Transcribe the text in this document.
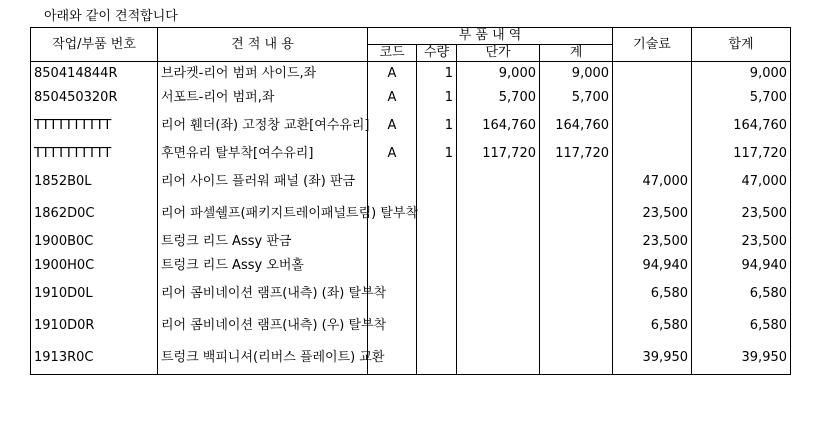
아래와 같이 견적합니다
작업/부품 번호	견 적 내 용	부 품 내 역				기술료	합계
		코드	수량	단가	계		
850414844R	브라켓-리어 범퍼 사이드,좌	A	1	9,000	9,000		9,000
850450320R	서포트-리어 범퍼,좌	A	1	5,700	5,700		5,700
TTTTTTTTTT	리어 휀더(좌) 고정창 교환[여수유리]	A	1	164,760	164,760		164,760
TTTTTTTTTT	후면유리 탈부착[여수유리]	A	1	117,720	117,720		117,720
1852B0L	리어 사이드 플러워 패널 (좌) 판금					47,000	47,000
1862D0C	리어 파셀쉘프(패키지트레이패널트림) 탈부착					23,500	23,500
1900B0C	트렁크 리드 Assy 판금					23,500	23,500
1900H0C	트렁크 리드 Assy 오버홀					94,940	94,940
1910D0L	리어 콤비네이션 램프(내측) (좌) 탈부착					6,580	6,580
1910D0R	리어 콤비네이션 램프(내측) (우) 탈부착					6,580	6,580
1913R0C	트렁크 백피니셔(리버스 플레이트) 교환					39,950	39,950
